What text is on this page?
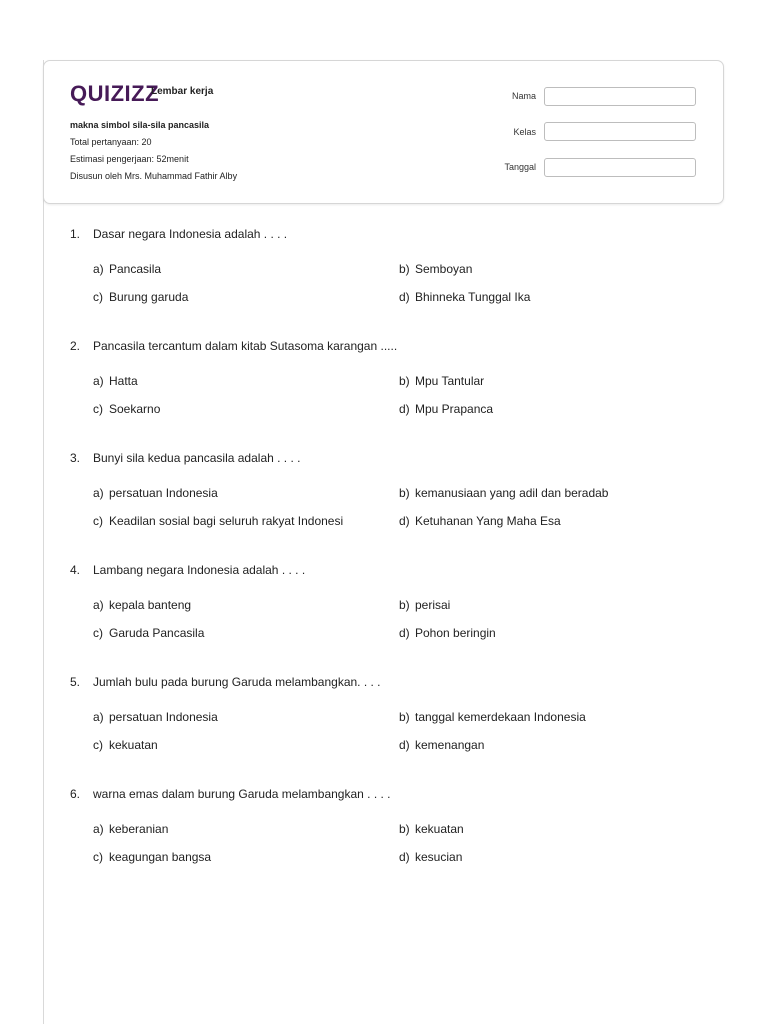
QUIZIZZ
Lembar kerja
makna simbol sila-sila pancasila
Total pertanyaan: 20
Estimasi pengerjaan: 52menit
Disusun oleh Mrs. Muhammad Fathir Alby
Nama
Kelas
Tanggal
1. Dasar negara Indonesia adalah . . . .
a) Pancasila	b) Semboyan
c) Burung garuda	d) Bhinneka Tunggal Ika
2. Pancasila tercantum dalam kitab Sutasoma karangan .....
a) Hatta	b) Mpu Tantular
c) Soekarno	d) Mpu Prapanca
3. Bunyi sila kedua pancasila adalah . . . .
a) persatuan Indonesia	b) kemanusiaan yang adil dan beradab
c) Keadilan sosial bagi seluruh rakyat Indonesi	d) Ketuhanan Yang Maha Esa
4. Lambang negara Indonesia adalah . . . .
a) kepala banteng	b) perisai
c) Garuda Pancasila	d) Pohon beringin
5. Jumlah bulu pada burung Garuda melambangkan. . . .
a) persatuan Indonesia	b) tanggal kemerdekaan Indonesia
c) kekuatan	d) kemenangan
6. warna emas dalam burung Garuda melambangkan . . . .
a) keberanian	b) kekuatan
c) keagungan bangsa	d) kesucian
